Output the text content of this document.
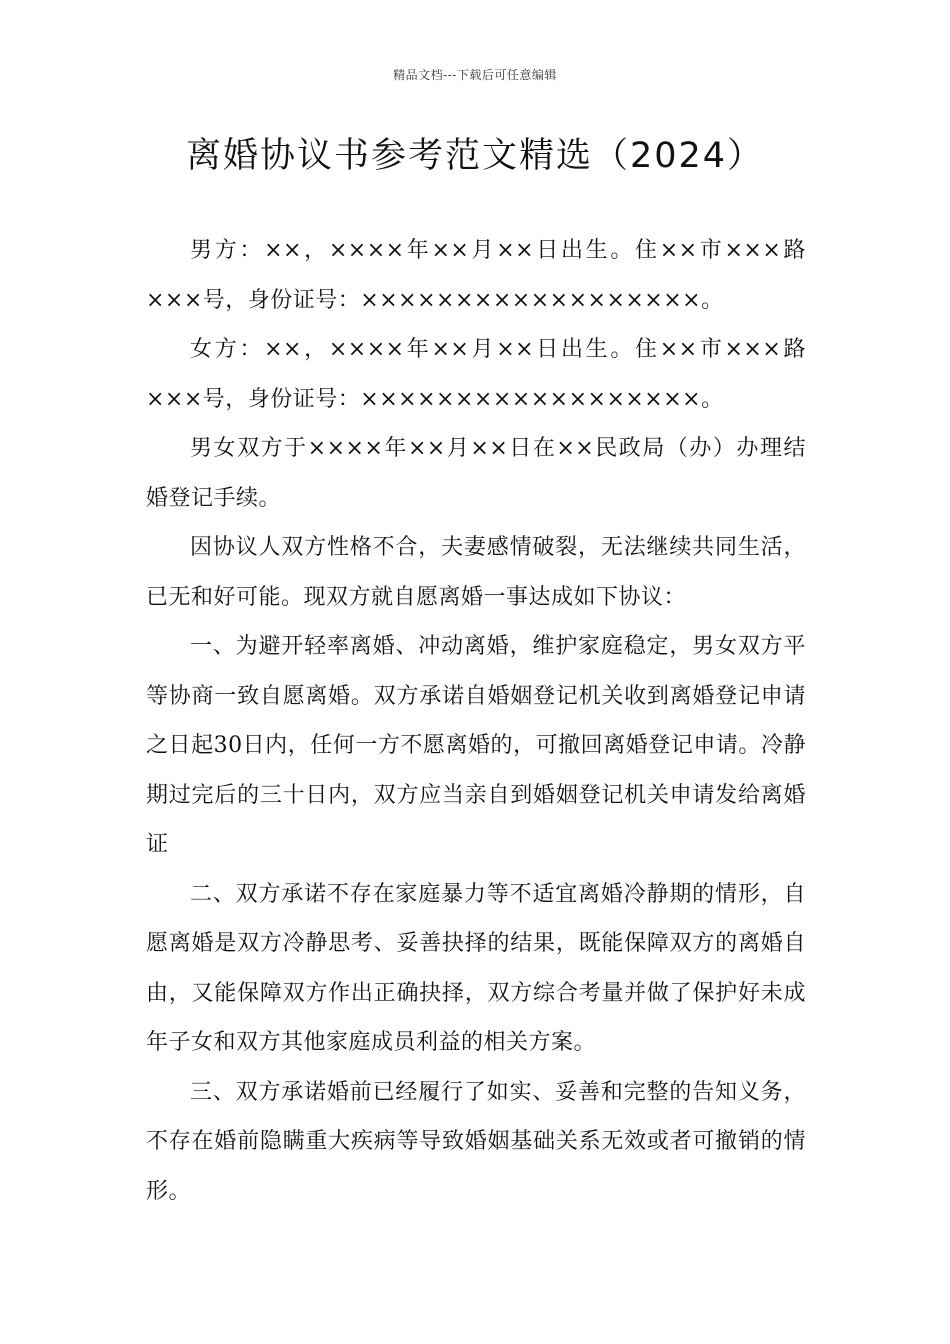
精品文档---下载后可任意编辑
离婚协议书参考范文精选（2024）

男方：××，××××年××月××日出生。住××市×××路×××号，身份证号：××××××××××××××××××。

女方：××，××××年××月××日出生。住××市×××路×××号，身份证号：××××××××××××××××××。

男女双方于××××年××月××日在××民政局（办）办理结婚登记手续。

因协议人双方性格不合，夫妻感情破裂，无法继续共同生活，已无和好可能。现双方就自愿离婚一事达成如下协议：

一、为避开轻率离婚、冲动离婚，维护家庭稳定，男女双方平等协商一致自愿离婚。双方承诺自婚姻登记机关收到离婚登记申请之日起30日内，任何一方不愿离婚的，可撤回离婚登记申请。冷静期过完后的三十日内，双方应当亲自到婚姻登记机关申请发给离婚证

二、双方承诺不存在家庭暴力等不适宜离婚冷静期的情形，自愿离婚是双方冷静思考、妥善抉择的结果，既能保障双方的离婚自由，又能保障双方作出正确抉择，双方综合考量并做了保护好未成年子女和双方其他家庭成员利益的相关方案。

三、双方承诺婚前已经履行了如实、妥善和完整的告知义务，不存在婚前隐瞒重大疾病等导致婚姻基础关系无效或者可撤销的情形。
